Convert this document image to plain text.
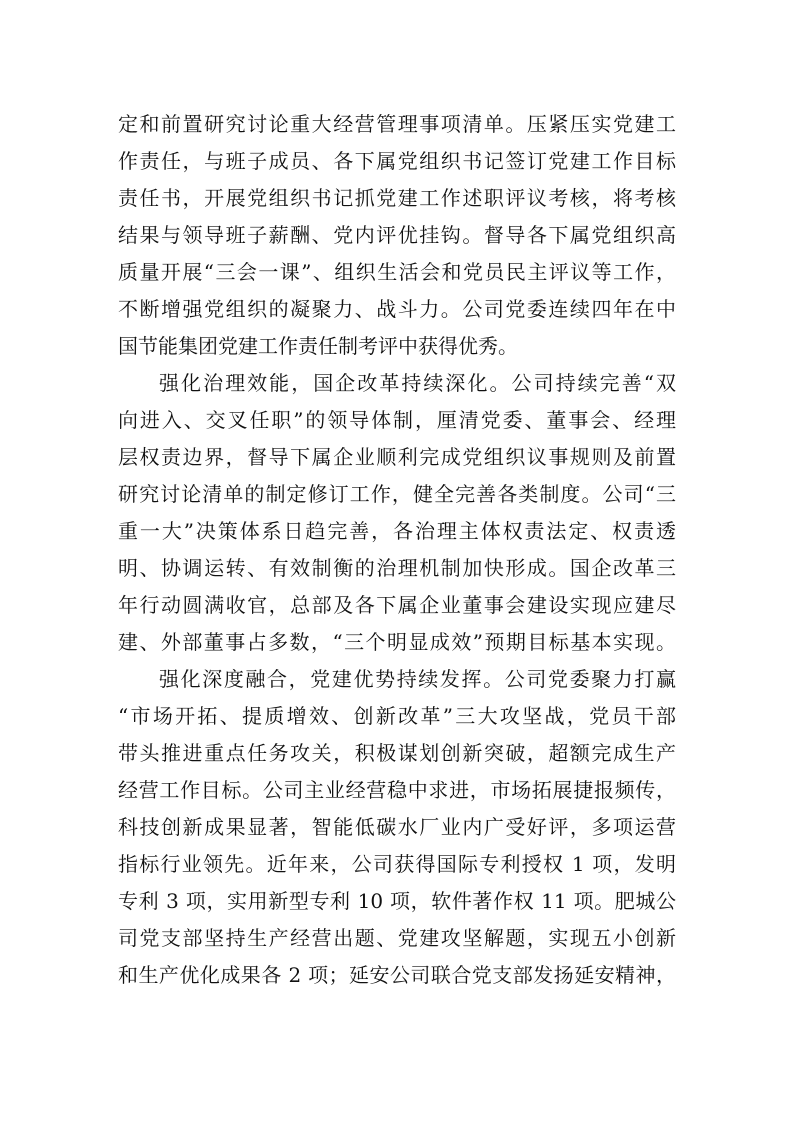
定和前置研究讨论重大经营管理事项清单。压紧压实党建工
作责任，与班子成员、各下属党组织书记签订党建工作目标
责任书，开展党组织书记抓党建工作述职评议考核，将考核
结果与领导班子薪酬、党内评优挂钩。督导各下属党组织高
质量开展“三会一课”、组织生活会和党员民主评议等工作，
不断增强党组织的凝聚力、战斗力。公司党委连续四年在中
国节能集团党建工作责任制考评中获得优秀。
强化治理效能，国企改革持续深化。公司持续完善“双
向进入、交叉任职”的领导体制，厘清党委、董事会、经理
层权责边界，督导下属企业顺利完成党组织议事规则及前置
研究讨论清单的制定修订工作，健全完善各类制度。公司“三
重一大”决策体系日趋完善，各治理主体权责法定、权责透
明、协调运转、有效制衡的治理机制加快形成。国企改革三
年行动圆满收官，总部及各下属企业董事会建设实现应建尽
建、外部董事占多数，“三个明显成效”预期目标基本实现。
强化深度融合，党建优势持续发挥。公司党委聚力打赢
“市场开拓、提质增效、创新改革”三大攻坚战，党员干部
带头推进重点任务攻关，积极谋划创新突破，超额完成生产
经营工作目标。公司主业经营稳中求进，市场拓展捷报频传，
科技创新成果显著，智能低碳水厂业内广受好评，多项运营
指标行业领先。近年来，公司获得国际专利授权 1 项，发明
专利 3 项，实用新型专利 10 项，软件著作权 11 项。肥城公
司党支部坚持生产经营出题、党建攻坚解题，实现五小创新
和生产优化成果各 2 项；延安公司联合党支部发扬延安精神，
